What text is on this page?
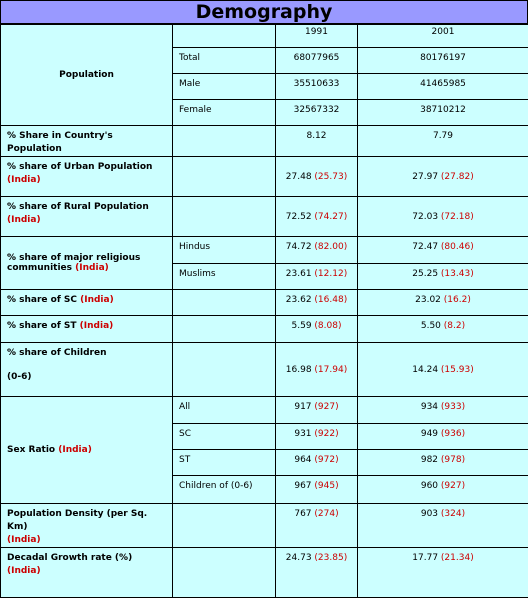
Demography
Population		1991	2001
	Total	68077965	80176197
	Male	35510633	41465985
	Female	32567332	38710212
% Share in Country's Population		8.12	7.79
% share of Urban Population
(India)		27.48 (25.73)	27.97 (27.82)
% share of Rural Population
(India)		72.52 (74.27)	72.03 (72.18)
% share of major religious communities (India)	Hindus	74.72 (82.00)	72.47 (80.46)
	Muslims	23.61 (12.12)	25.25 (13.43)
% share of SC (India)		23.62 (16.48)	23.02 (16.2)
% share of ST (India)		5.59 (8.08)	5.50 (8.2)
% share of Children
(0-6)		16.98 (17.94)	14.24 (15.93)
Sex Ratio (India)	All	917 (927)	934 (933)
	SC	931 (922)	949 (936)
	ST	964 (972)	982 (978)
	Children of (0-6)	967 (945)	960 (927)
Population Density (per Sq. Km)
(India)		767 (274)	903 (324)
Decadal Growth rate (%) (India)		24.73 (23.85)	17.77 (21.34)
